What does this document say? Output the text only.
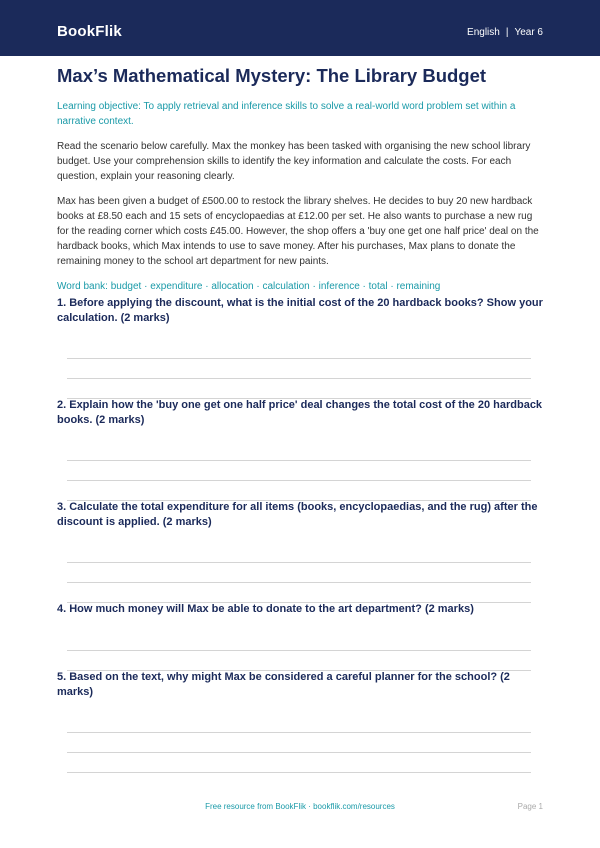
BookFlik	English | Year 6
Max’s Mathematical Mystery: The Library Budget
Learning objective: To apply retrieval and inference skills to solve a real-world word problem set within a narrative context.

Read the scenario below carefully. Max the monkey has been tasked with organising the new school library budget. Use your comprehension skills to identify the key information and calculate the costs. For each question, explain your reasoning clearly.

Max has been given a budget of £500.00 to restock the library shelves. He decides to buy 20 new hardback books at £8.50 each and 15 sets of encyclopaedias at £12.00 per set. He also wants to purchase a new rug for the reading corner which costs £45.00. However, the shop offers a 'buy one get one half price' deal on the hardback books, which Max intends to use to save money. After his purchases, Max plans to donate the remaining money to the school art department for new paints.

Word bank: budget · expenditure · allocation · calculation · inference · total · remaining
1. Before applying the discount, what is the initial cost of the 20 hardback books? Show your calculation. (2 marks)
2. Explain how the 'buy one get one half price' deal changes the total cost of the 20 hardback books. (2 marks)
3. Calculate the total expenditure for all items (books, encyclopaedias, and the rug) after the discount is applied. (2 marks)
4. How much money will Max be able to donate to the art department? (2 marks)
5. Based on the text, why might Max be considered a careful planner for the school? (2 marks)
Free resource from BookFlik · bookflik.com/resources	Page 1
